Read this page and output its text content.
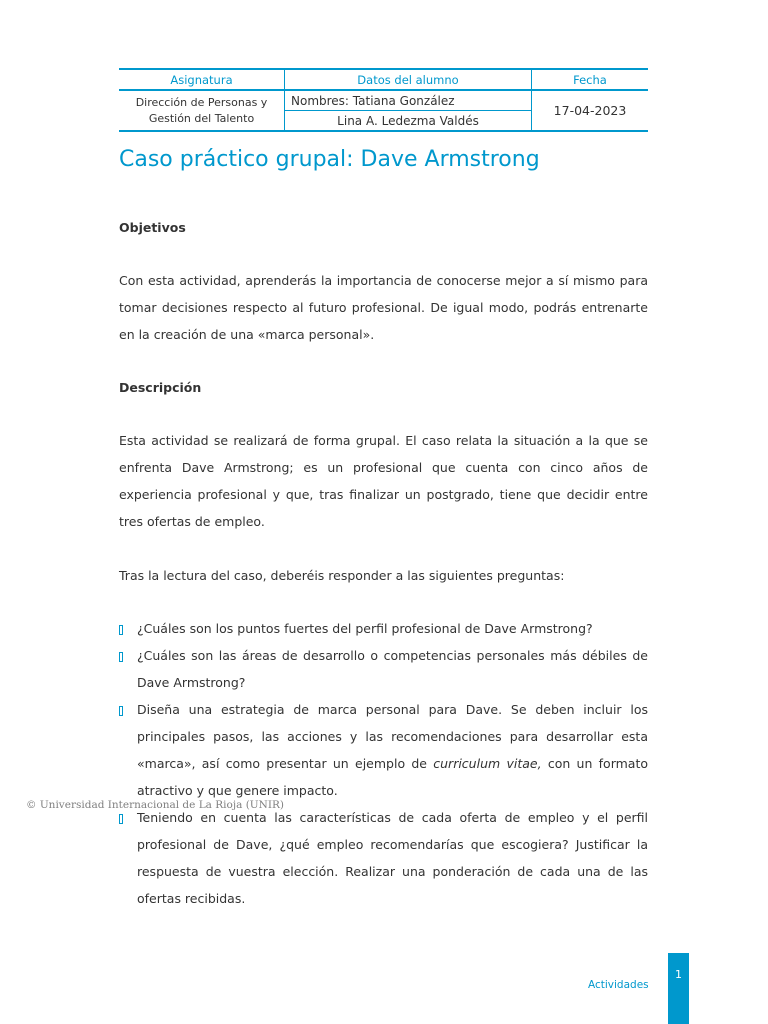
Asignatura	Datos del alumno	Fecha
Dirección de Personas y Gestión del Talento	Nombres: Tatiana González	17-04-2023
	Lina A. Ledezma Valdés	
Caso práctico grupal: Dave Armstrong
Objetivos

Con esta actividad, aprenderás la importancia de conocerse mejor a sí mismo para tomar decisiones respecto al futuro profesional. De igual modo, podrás entrenarte en la creación de una «marca personal».

Descripción

Esta actividad se realizará de forma grupal. El caso relata la situación a la que se enfrenta Dave Armstrong; es un profesional que cuenta con cinco años de experiencia profesional y que, tras finalizar un postgrado, tiene que decidir entre tres ofertas de empleo.

Tras la lectura del caso, deberéis responder a las siguientes preguntas:

¿Cuáles son los puntos fuertes del perfil profesional de Dave Armstrong?
¿Cuáles son las áreas de desarrollo o competencias personales más débiles de Dave Armstrong?
Diseña una estrategia de marca personal para Dave. Se deben incluir los principales pasos, las acciones y las recomendaciones para desarrollar esta «marca», así como presentar un ejemplo de curriculum vitae, con un formato atractivo y que genere impacto.
Teniendo en cuenta las características de cada oferta de empleo y el perfil profesional de Dave, ¿qué empleo recomendarías que escogiera? Justificar la respuesta de vuestra elección. Realizar una ponderación de cada una de las ofertas recibidas.
© Universidad Internacional de La Rioja (UNIR)
Actividades
1
